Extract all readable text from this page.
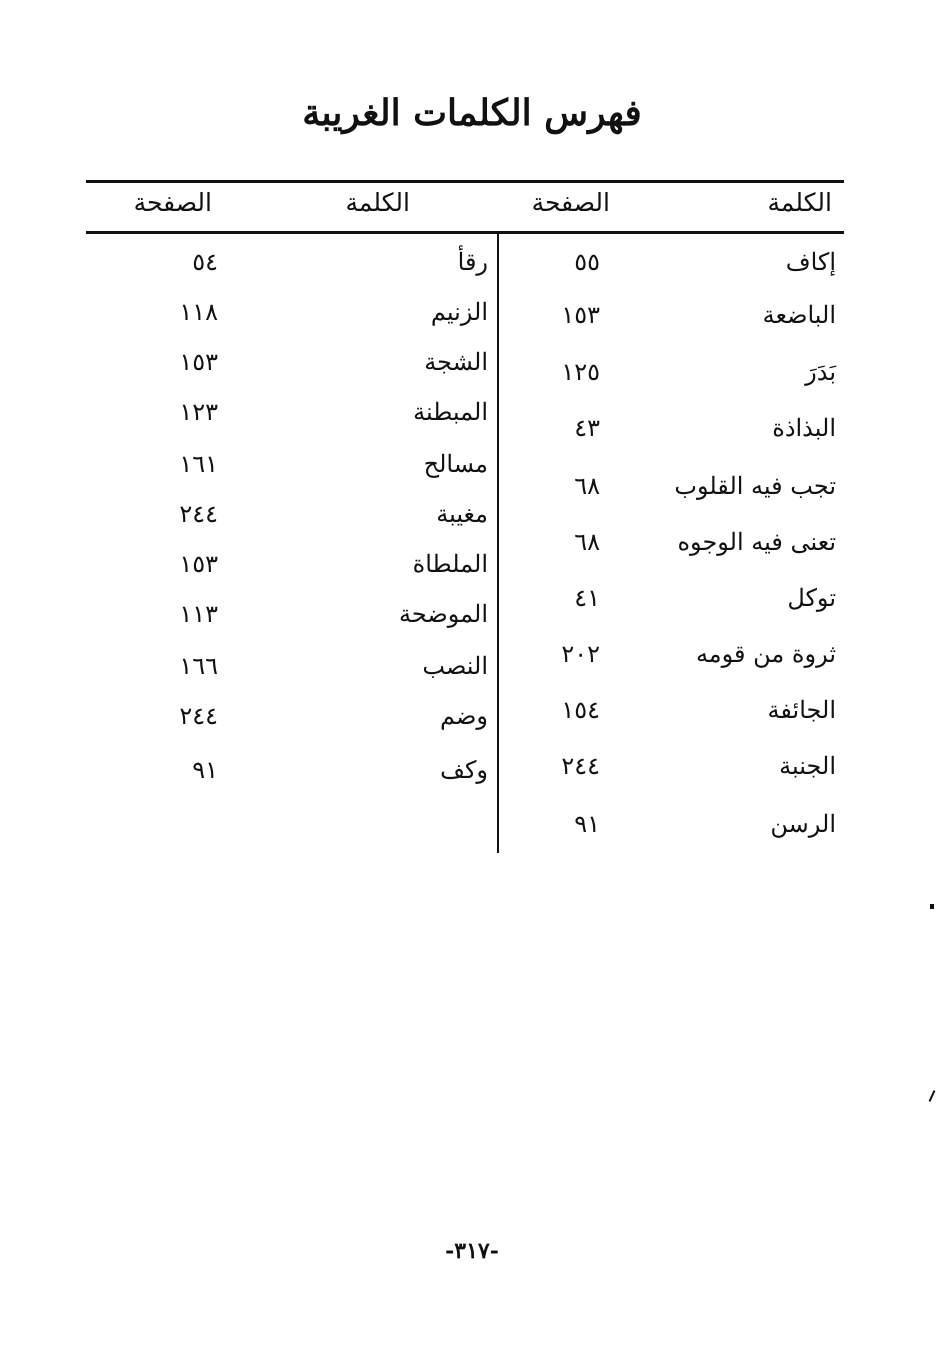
فهرس الكلمات الغريبة
الكلمة
الصفحة
الكلمة
الصفحة
إكاف
٥٥
الباضعة
١٥٣
بَدَرَ
١٢٥
البذاذة
٤٣
تجب فيه القلوب
٦٨
تعنى فيه الوجوه
٦٨
توكل
٤١
ثروة من قومه
٢٠٢
الجائفة
١٥٤
الجنبة
٢٤٤
الرسن
٩١
رقأ
٥٤
الزنيم
١١٨
الشجة
١٥٣
المبطنة
١٢٣
مسالح
١٦١
مغيبة
٢٤٤
الملطاة
١٥٣
الموضحة
١١٣
النصب
١٦٦
وضم
٢٤٤
وكف
٩١
-٣١٧-
